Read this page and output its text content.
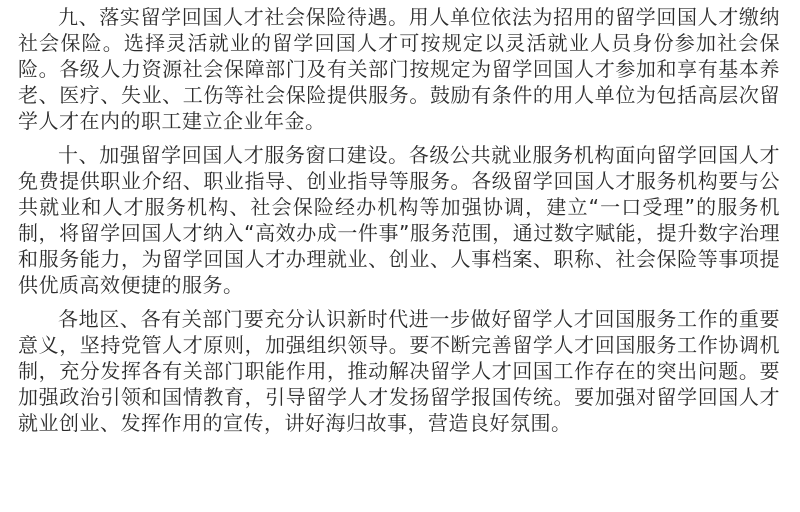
九、落实留学回国人才社会保险待遇。用人单位依法为招用的留学回国人才缴纳社会保险。选择灵活就业的留学回国人才可按规定以灵活就业人员身份参加社会保险。各级人力资源社会保障部门及有关部门按规定为留学回国人才参加和享有基本养老、医疗、失业、工伤等社会保险提供服务。鼓励有条件的用人单位为包括高层次留学人才在内的职工建立企业年金。

十、加强留学回国人才服务窗口建设。各级公共就业服务机构面向留学回国人才免费提供职业介绍、职业指导、创业指导等服务。各级留学回国人才服务机构要与公共就业和人才服务机构、社会保险经办机构等加强协调，建立“一口受理”的服务机制，将留学回国人才纳入“高效办成一件事”服务范围，通过数字赋能，提升数字治理和服务能力，为留学回国人才办理就业、创业、人事档案、职称、社会保险等事项提供优质高效便捷的服务。

各地区、各有关部门要充分认识新时代进一步做好留学人才回国服务工作的重要意义，坚持党管人才原则，加强组织领导。要不断完善留学人才回国服务工作协调机制，充分发挥各有关部门职能作用，推动解决留学人才回国工作存在的突出问题。要加强政治引领和国情教育，引导留学人才发扬留学报国传统。要加强对留学回国人才就业创业、发挥作用的宣传，讲好海归故事，营造良好氛围。
